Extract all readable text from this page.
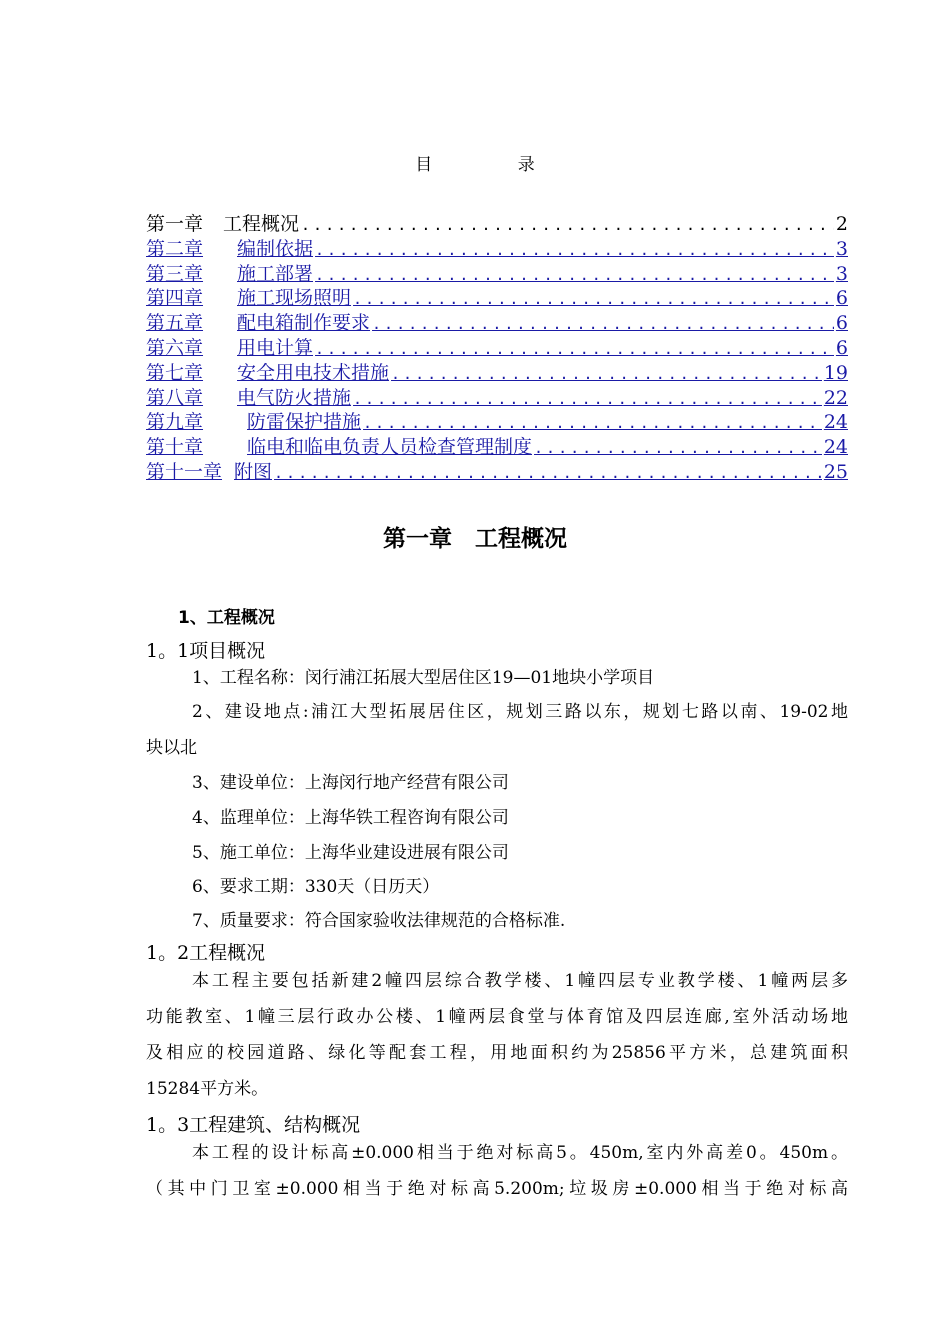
目 录
第一章 工程概况 .....	2
第二章 编制依据 .....	3
第三章 施工部署 .....	3
第四章 施工现场照明 .....	6
第五章 配电箱制作要求 .....	6
第六章 用电计算 .....	6
第七章 安全用电技术措施 .....	19
第八章 电气防火措施 .....	22
第九章 防雷保护措施 .....	24
第十章 临电和临电负责人员检查管理制度 .....	24
第十一章 附图 .....	25
第一章　工程概况
1、工程概况
1。1项目概况
1、工程名称：闵行浦江拓展大型居住区19—01地块小学项目
2、建设地点:浦江大型拓展居住区，规划三路以东，规划七路以南、19-02地
块以北
3、建设单位：上海闵行地产经营有限公司
4、监理单位：上海华铁工程咨询有限公司
5、施工单位：上海华业建设进展有限公司
6、要求工期：330天（日历天）
7、质量要求：符合国家验收法律规范的合格标准.
1。2工程概况
本工程主要包括新建2幢四层综合教学楼、1幢四层专业教学楼、1幢两层多
功能教室、1幢三层行政办公楼、1幢两层食堂与体育馆及四层连廊,室外活动场地
及相应的校园道路、绿化等配套工程，用地面积约为25856平方米，总建筑面积
15284平方米。
1。3工程建筑、结构概况
本工程的设计标高±0.000相当于绝对标高5。450m,室内外高差0。450m。
（其中门卫室±0.000相当于绝对标高5.200m;垃圾房±0.000相当于绝对标高
